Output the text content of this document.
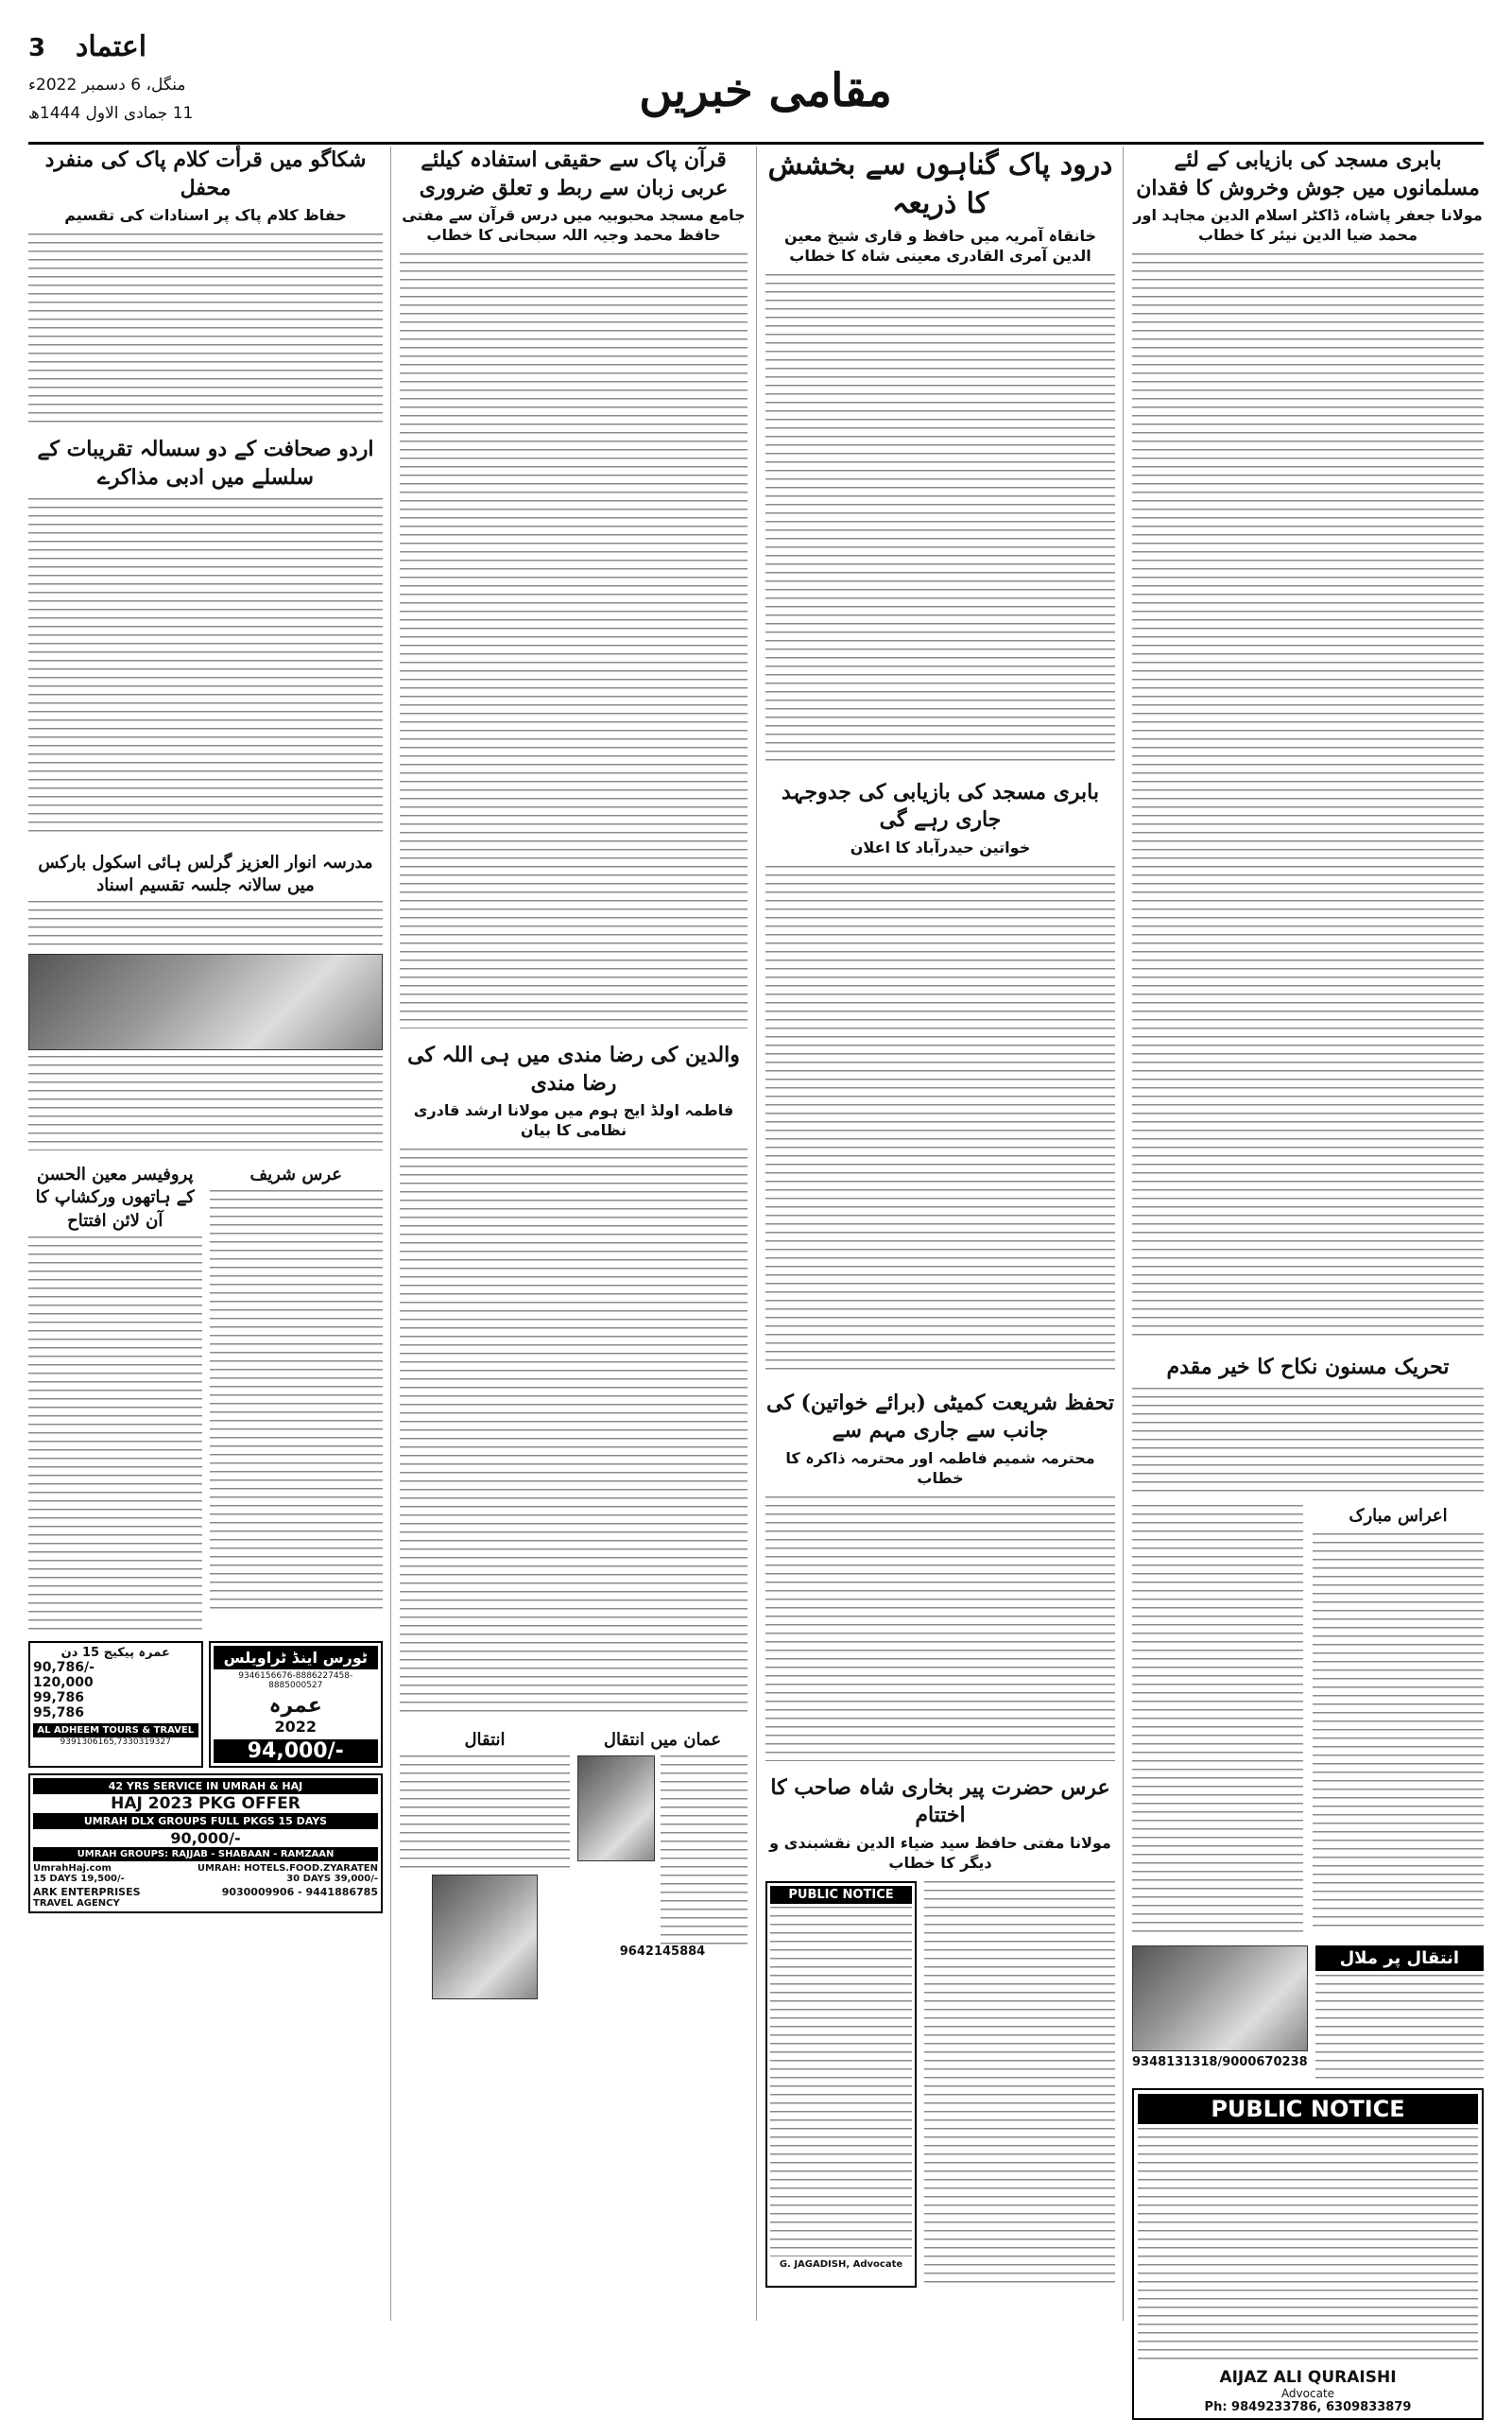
3 اعتماد
منگل، 6 دسمبر 2022ء
11 جمادی الاول 1444ھ	مقامی خبریں
بابری مسجد کی بازیابی کے لئے مسلمانوں میں جوش وخروش کا فقدان
مولانا جعفر پاشاہ، ڈاکٹر اسلام الدین مجاہد اور محمد ضیا الدین نیئر کا خطاب
تحریک مسنون نکاح کا خیر مقدم
اعراس مبارک
انتقال پر ملال
9348131318/9000670238
PUBLIC NOTICE
AIJAZ ALI QURAISHI
Advocate
Ph: 9849233786, 6309833879
درود پاک گناہوں سے بخشش کا ذریعہ
خانقاہ آمریہ میں حافظ و قاری شیخ معین الدین آمری القادری معینی شاہ کا خطاب
بابری مسجد کی بازیابی کی جدوجہد جاری رہے گی
خواتین حیدرآباد کا اعلان
تحفظ شریعت کمیٹی (برائے خواتین) کی جانب سے جاری مہم سے
محترمہ شمیم فاطمہ اور محترمہ ذاکرہ کا خطاب
عرس حضرت پیر بخاری شاہ صاحب کا اختتام
مولانا مفتی حافظ سید ضیاء الدین نقشبندی و دیگر کا خطاب
PUBLIC NOTICE
G. JAGADISH, Advocate
قرآن پاک سے حقیقی استفادہ کیلئے عربی زبان سے ربط و تعلق ضروری
جامع مسجد محبوبیہ میں درس قرآن سے مفتی حافظ محمد وجیہ اللہ سبحانی کا خطاب
والدین کی رضا مندی میں ہی اللہ کی رضا مندی
فاطمہ اولڈ ایج ہوم میں مولانا ارشد قادری نظامی کا بیان
عمان میں انتقال
9642145884
انتقال
شکاگو میں قرأت کلام پاک کی منفرد محفل
حفاظ کلام پاک پر اسنادات کی تقسیم
اردو صحافت کے دو سسالہ تقریبات کے سلسلے میں ادبی مذاکرے
مدرسہ انوار العزیز گرلس ہائی اسکول بارکس میں سالانہ جلسہ تقسیم اسناد
عرس شریف
پروفیسر معین الحسن کے ہاتھوں ورکشاپ کا آن لائن افتتاح
ٹورس اینڈ ٹراویلس
9346156676-8886227458-8885000527
عمرہ
2022
94,000/-
عمرہ پیکیج 15 دن
90,786/-
120,000
99,786
95,786
AL ADHEEM TOURS & TRAVEL
9391306165,7330319327
42 YRS SERVICE IN UMRAH & HAJ
HAJ 2023 PKG OFFER
UMRAH DLX GROUPS FULL PKGS 15 DAYS
90,000/-
UMRAH GROUPS: RAJJAB - SHABAAN - RAMZAAN
UmrahHaj.com	UMRAH: HOTELS.FOOD.ZYARATEN
15 DAYS 19,500/-	30 DAYS 39,000/-
ARK ENTERPRISES	9030009906 - 9441886785
TRAVEL AGENCY
